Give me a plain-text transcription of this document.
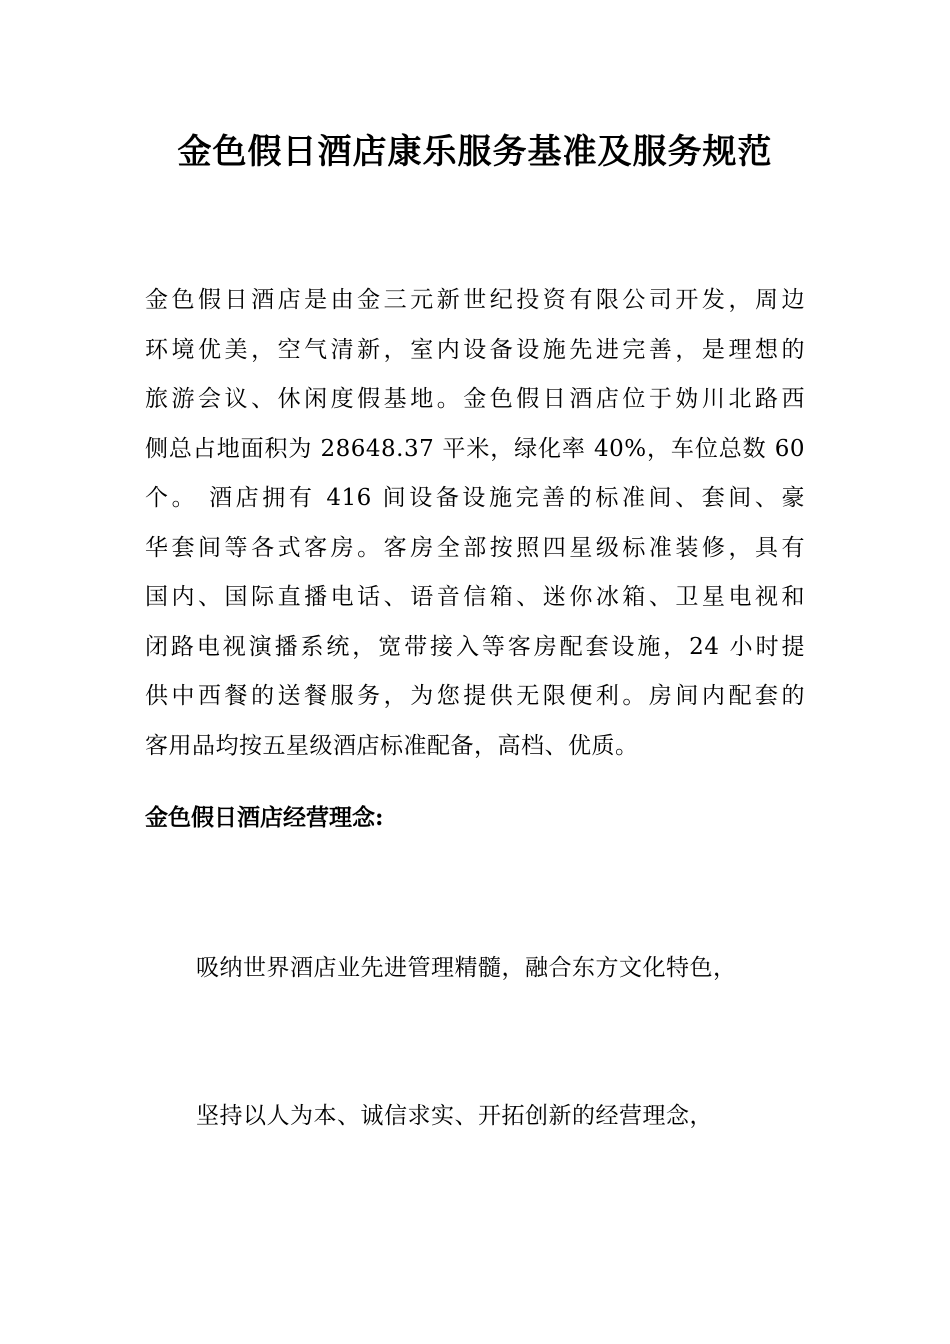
金色假日酒店康乐服务基准及服务规范
金色假日酒店是由金三元新世纪投资有限公司开发，周边
环境优美，空气清新，室内设备设施先进完善，是理想的
旅游会议、休闲度假基地。金色假日酒店位于妫川北路西
侧总占地面积为 28648.37 平米，绿化率 40%，车位总数 60
个。 酒店拥有 416 间设备设施完善的标准间、套间、豪
华套间等各式客房。客房全部按照四星级标准装修，具有
国内、国际直播电话、语音信箱、迷你冰箱、卫星电视和
闭路电视演播系统，宽带接入等客房配套设施，24 小时提
供中西餐的送餐服务，为您提供无限便利。房间内配套的
客用品均按五星级酒店标准配备，高档、优质。
金色假日酒店经营理念:
吸纳世界酒店业先进管理精髓，融合东方文化特色，
坚持以人为本、诚信求实、开拓创新的经营理念，
